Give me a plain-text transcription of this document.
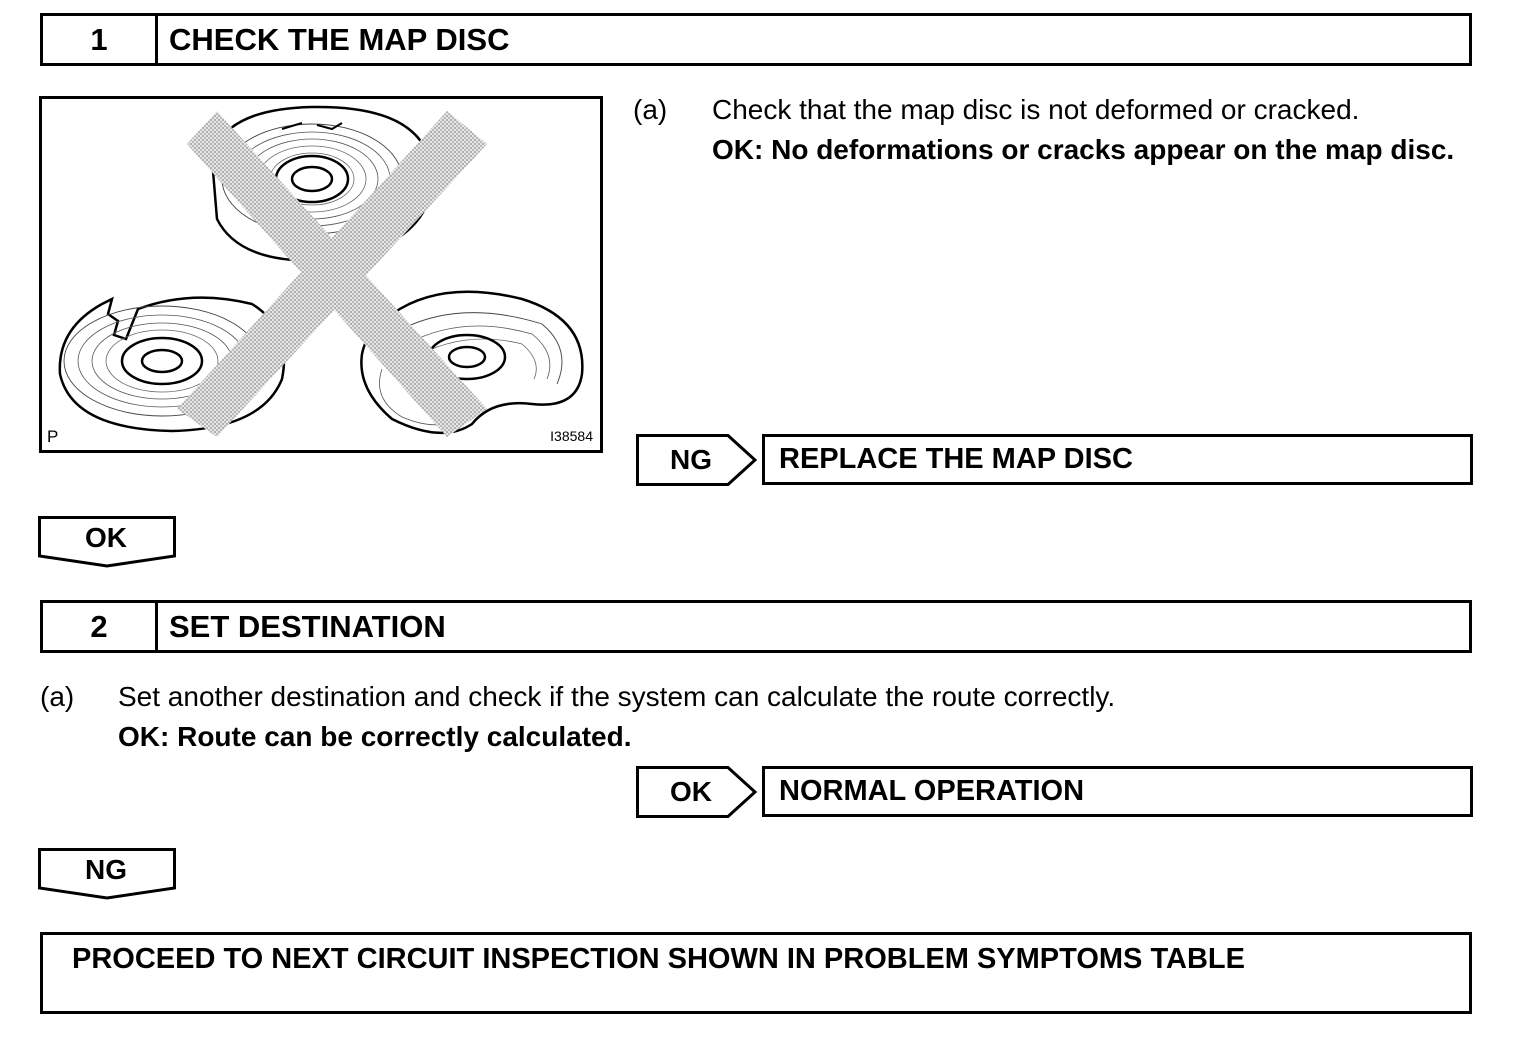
1	CHECK THE MAP DISC
P	I38584
(a) Check that the map disc is not deformed or cracked.
OK: No deformations or cracks appear on the map disc.
NG	REPLACE THE MAP DISC
OK
2	SET DESTINATION
(a) Set another destination and check if the system can calculate the route correctly.
OK: Route can be correctly calculated.
OK	NORMAL OPERATION
NG
PROCEED TO NEXT CIRCUIT INSPECTION SHOWN IN PROBLEM SYMPTOMS TABLE
